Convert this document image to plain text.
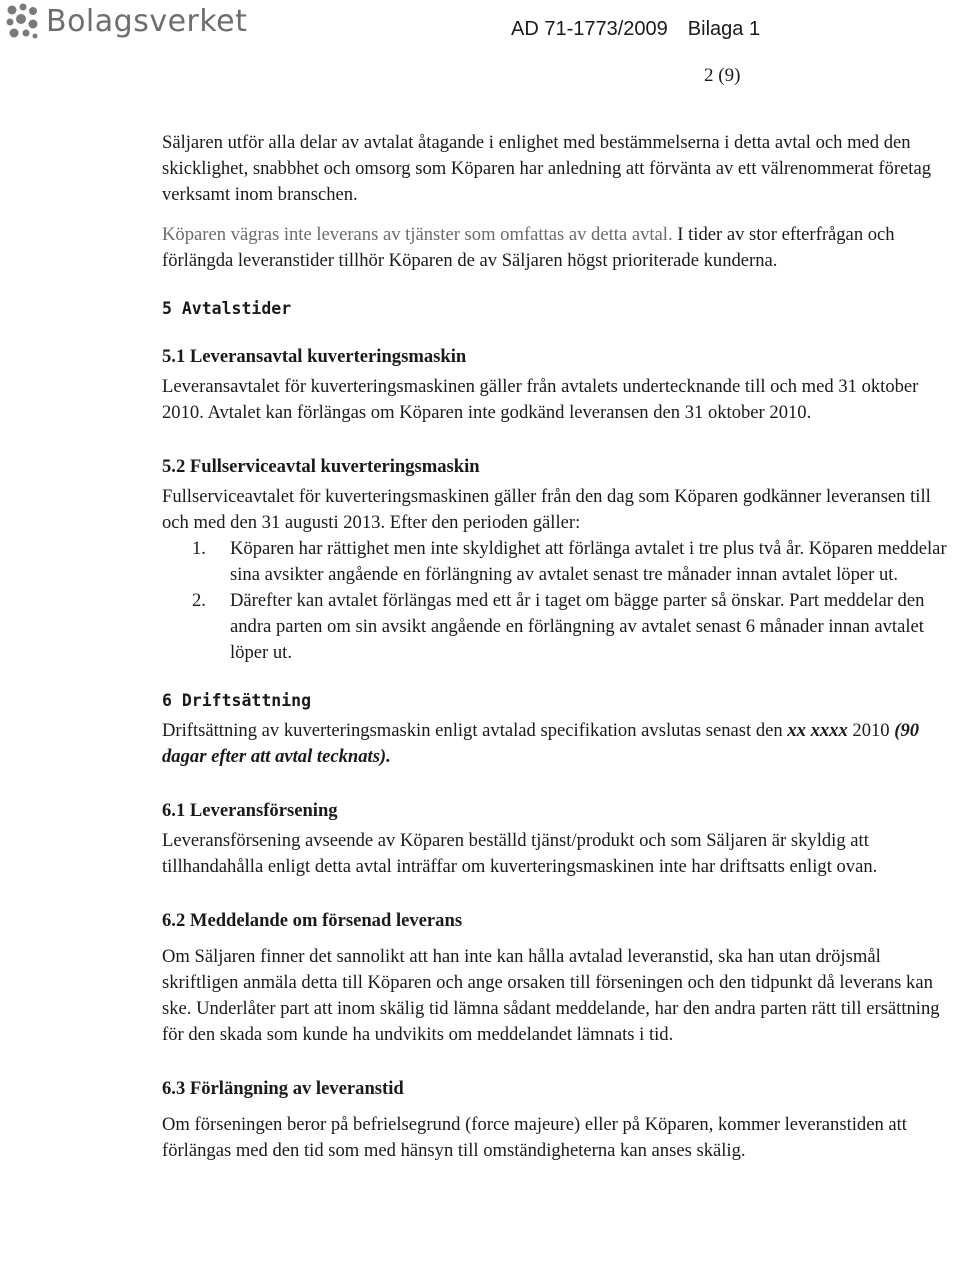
Bolagsverket	AD 71-1773/2009 Bilaga 1
2 (9)

Säljaren utför alla delar av avtalat åtagande i enlighet med bestämmelserna i detta avtal och med den skicklighet, snabbhet och omsorg som Köparen har anledning att förvänta av ett välrenommerat företag verksamt inom branschen.

Köparen vägras inte leverans av tjänster som omfattas av detta avtal. I tider av stor efterfrågan och förlängda leveranstider tillhör Köparen de av Säljaren högst prioriterade kunderna.

5 Avtalstider
5.1 Leveransavtal kuverteringsmaskin

Leveransavtalet för kuverteringsmaskinen gäller från avtalets undertecknande till och med 31 oktober 2010. Avtalet kan förlängas om Köparen inte godkänd leveransen den 31 oktober 2010.

5.2 Fullserviceavtal kuverteringsmaskin

Fullserviceavtalet för kuverteringsmaskinen gäller från den dag som Köparen godkänner leveransen till och med den 31 augusti 2013. Efter den perioden gäller:

1. Köparen har rättighet men inte skyldighet att förlänga avtalet i tre plus två år. Köparen meddelar sina avsikter angående en förlängning av avtalet senast tre månader innan avtalet löper ut.
2. Därefter kan avtalet förlängas med ett år i taget om bägge parter så önskar. Part meddelar den andra parten om sin avsikt angående en förlängning av avtalet senast 6 månader innan avtalet löper ut.
6 Driftsättning

Driftsättning av kuverteringsmaskin enligt avtalad specifikation avslutas senast den xx xxxx 2010 (90 dagar efter att avtal tecknats).

6.1 Leveransförsening

Leveransförsening avseende av Köparen beställd tjänst/produkt och som Säljaren är skyldig att tillhandahålla enligt detta avtal inträffar om kuverteringsmaskinen inte har driftsatts enligt ovan.

6.2 Meddelande om försenad leverans

Om Säljaren finner det sannolikt att han inte kan hålla avtalad leveranstid, ska han utan dröjsmål skriftligen anmäla detta till Köparen och ange orsaken till förseningen och den tidpunkt då leverans kan ske. Underlåter part att inom skälig tid lämna sådant meddelande, har den andra parten rätt till ersättning för den skada som kunde ha undvikits om meddelandet lämnats i tid.

6.3 Förlängning av leveranstid

Om förseningen beror på befrielsegrund (force majeure) eller på Köparen, kommer leveranstiden att förlängas med den tid som med hänsyn till omständigheterna kan anses skälig.
